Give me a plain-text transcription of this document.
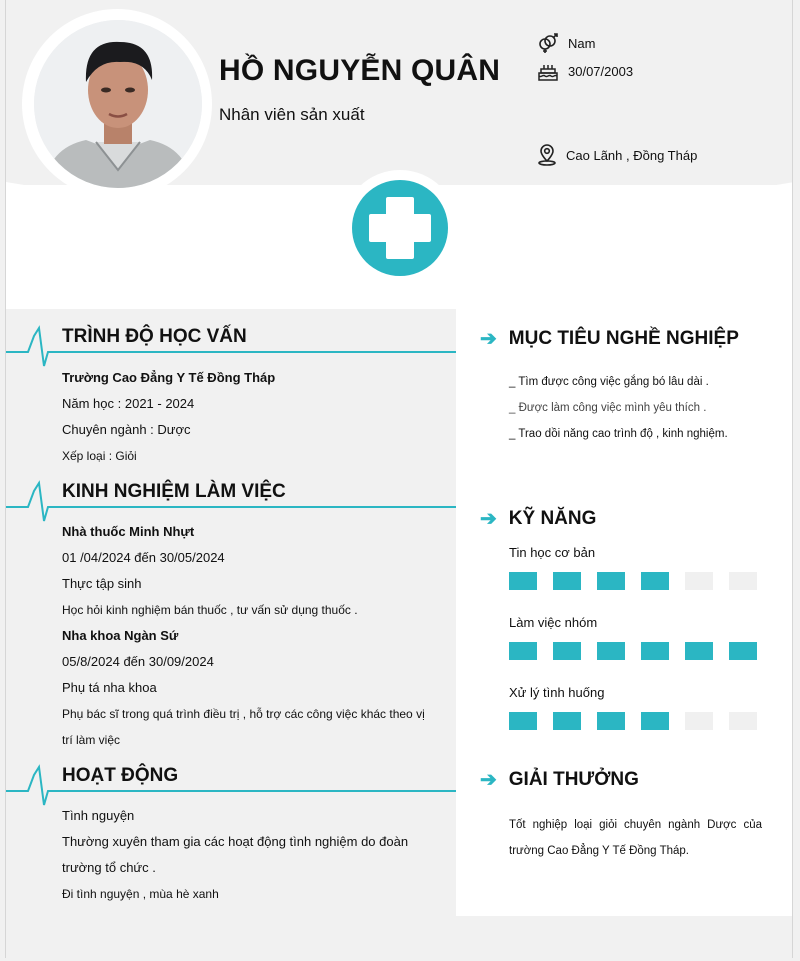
HỒ NGUYỄN QUÂN
Nhân viên sản xuất
Nam
30/07/2003
Cao Lãnh , Đồng Tháp
TRÌNH ĐỘ HỌC VẤN
Trường Cao Đẳng Y Tế Đồng Tháp
Năm học : 2021 - 2024
Chuyên ngành : Dược
Xếp loại : Giỏi
KINH NGHIỆM LÀM VIỆC
Nhà thuốc Minh Nhựt
01 /04/2024 đến 30/05/2024
Thực tập sinh
Học hỏi kinh nghiệm bán thuốc , tư vấn sử dụng thuốc .
Nha khoa Ngàn Sứ
05/8/2024 đến 30/09/2024
Phụ tá nha khoa
Phụ bác sĩ trong quá trình điều trị , hỗ trợ các công việc khác theo vị
trí làm việc
HOẠT ĐỘNG
Tình nguyện
Thường xuyên tham gia các hoạt động tình nghiệm do đoàn
trường tổ chức .
Đi tình nguyện , mùa hè xanh
➔ MỤC TIÊU NGHỀ NGHIỆP
_ Tìm được công việc gắng bó lâu dài .
_ Được làm công việc mình yêu thích .
_ Trao dồi năng cao trình độ , kinh nghiệm.
➔ KỸ NĂNG
Tin học cơ bản
Làm việc nhóm
Xử lý tình huống
➔ GIẢI THƯỞNG
Tốt nghiệp loại giỏi chuyên ngành Dược của trường Cao Đẳng Y Tế Đồng Tháp.
